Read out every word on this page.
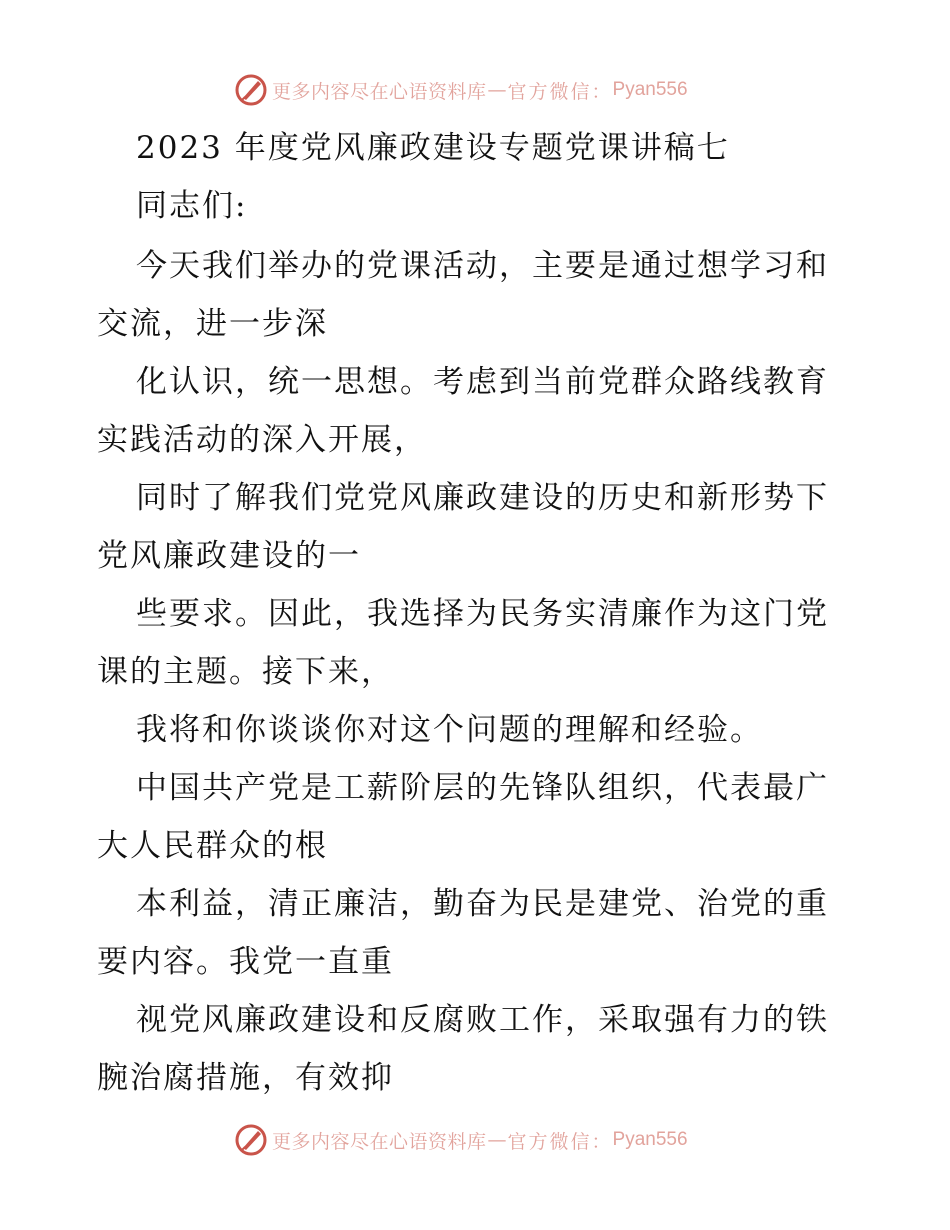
更多内容尽在心语资料库 — 官方微信： Pyan556
2023 年度党风廉政建设专题党课讲稿七
同志们:
今天我们举办的党课活动，主要是通过想学习和
交流，进一步深
化认识，统一思想。考虑到当前党群众路线教育
实践活动的深入开展，
同时了解我们党党风廉政建设的历史和新形势下
党风廉政建设的一
些要求。因此，我选择为民务实清廉作为这门党
课的主题。接下来，
我将和你谈谈你对这个问题的理解和经验。
中国共产党是工薪阶层的先锋队组织，代表最广
大人民群众的根
本利益，清正廉洁，勤奋为民是建党、治党的重
要内容。我党一直重
视党风廉政建设和反腐败工作，采取强有力的铁
腕治腐措施，有效抑
更多内容尽在心语资料库 — 官方微信： Pyan556
